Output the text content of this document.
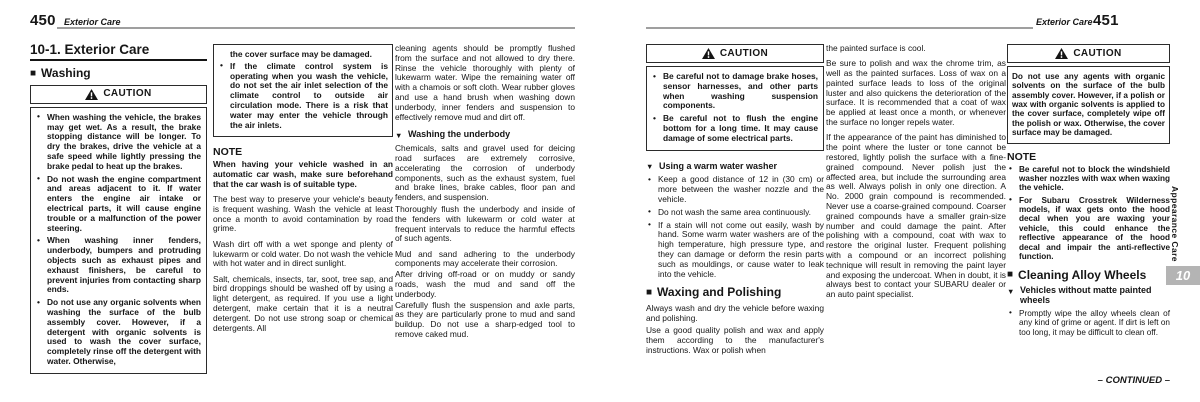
450 Exterior Care	Exterior Care 451
10-1. Exterior Care
■ Washing
CAUTION
• When washing the vehicle, the brakes may get wet. As a result, the brake stopping distance will be longer. To dry the brakes, drive the vehicle at a safe speed while lightly pressing the brake pedal to heat up the brakes.
• Do not wash the engine compartment and areas adjacent to it. If water enters the engine air intake or electrical parts, it will cause engine trouble or a malfunction of the power steering.
• When washing inner fenders, underbody, bumpers and protruding objects such as exhaust pipes and exhaust finishers, be careful to prevent injuries from contacting sharp ends.
• Do not use any organic solvents when washing the surface of the bulb assembly cover. However, if a detergent with organic solvents is used to wash the cover surface, completely rinse off the detergent with water. Otherwise,
the cover surface may be damaged.
• If the climate control system is operating when you wash the vehicle, do not set the air inlet selection of the climate control to outside air circulation mode. There is a risk that water may enter the vehicle through the air inlets.
NOTE
When having your vehicle washed in an automatic car wash, make sure beforehand that the car wash is of suitable type.
The best way to preserve your vehicle's beauty is frequent washing. Wash the vehicle at least once a month to avoid contamination by road grime.
Wash dirt off with a wet sponge and plenty of lukewarm or cold water. Do not wash the vehicle with hot water and in direct sunlight.
Salt, chemicals, insects, tar, soot, tree sap, and bird droppings should be washed off by using a light detergent, as required. If you use a light detergent, make certain that it is a neutral detergent. Do not use strong soap or chemical detergents. All
cleaning agents should be promptly flushed from the surface and not allowed to dry there. Rinse the vehicle thoroughly with plenty of lukewarm water. Wipe the remaining water off with a chamois or soft cloth. Wear rubber gloves and use a hand brush when washing down underbody, inner fenders and suspension to effectively remove mud and dirt off.
▼ Washing the underbody
Chemicals, salts and gravel used for deicing road surfaces are extremely corrosive, accelerating the corrosion of underbody components, such as the exhaust system, fuel and brake lines, brake cables, floor pan and fenders, and suspension.
Thoroughly flush the underbody and inside of the fenders with lukewarm or cold water at frequent intervals to reduce the harmful effects of such agents.
Mud and sand adhering to the underbody components may accelerate their corrosion.
After driving off-road or on muddy or sandy roads, wash the mud and sand off the underbody.
Carefully flush the suspension and axle parts, as they are particularly prone to mud and sand buildup. Do not use a sharp-edged tool to remove caked mud.
CAUTION
• Be careful not to damage brake hoses, sensor harnesses, and other parts when washing suspension components.
• Be careful not to flush the engine bottom for a long time. It may cause damage of some electrical parts.
▼ Using a warm water washer
• Keep a good distance of 12 in (30 cm) or more between the washer nozzle and the vehicle.
• Do not wash the same area continuously.
• If a stain will not come out easily, wash by hand. Some warm water washers are of the high temperature, high pressure type, and they can damage or deform the resin parts such as mouldings, or cause water to leak into the vehicle.
■ Waxing and Polishing
Always wash and dry the vehicle before waxing and polishing.
Use a good quality polish and wax and apply them according to the manufacturer's instructions. Wax or polish when
the painted surface is cool.
Be sure to polish and wax the chrome trim, as well as the painted surfaces. Loss of wax on a painted surface leads to loss of the original luster and also quickens the deterioration of the surface. It is recommended that a coat of wax be applied at least once a month, or whenever the surface no longer repels water.
If the appearance of the paint has diminished to the point where the luster or tone cannot be restored, lightly polish the surface with a fine-grained compound. Never polish just the affected area, but include the surrounding area as well. Always polish in only one direction. A No. 2000 grain compound is recommended. Never use a coarse-grained compound. Coarser grained compounds have a smaller grain-size number and could damage the paint. After polishing with a compound, coat with wax to restore the original luster. Frequent polishing with a compound or an incorrect polishing technique will result in removing the paint layer and exposing the undercoat. When in doubt, it is always best to contact your SUBARU dealer or an auto paint specialist.
CAUTION
Do not use any agents with organic solvents on the surface of the bulb assembly cover. However, if a polish or wax with organic solvents is applied to the cover surface, completely wipe off the polish or wax. Otherwise, the cover surface may be damaged.
NOTE
• Be careful not to block the windshield washer nozzles with wax when waxing the vehicle.
• For Subaru Crosstrek Wilderness models, if wax gets onto the hood decal when you are waxing your vehicle, this could enhance the reflective appearance of the hood decal and impair the anti-reflective function.
■ Cleaning Alloy Wheels
▼ Vehicles without matte painted wheels
• Promptly wipe the alloy wheels clean of any kind of grime or agent. If dirt is left on too long, it may be difficult to clean off.
Appearance Care
10
– CONTINUED –
